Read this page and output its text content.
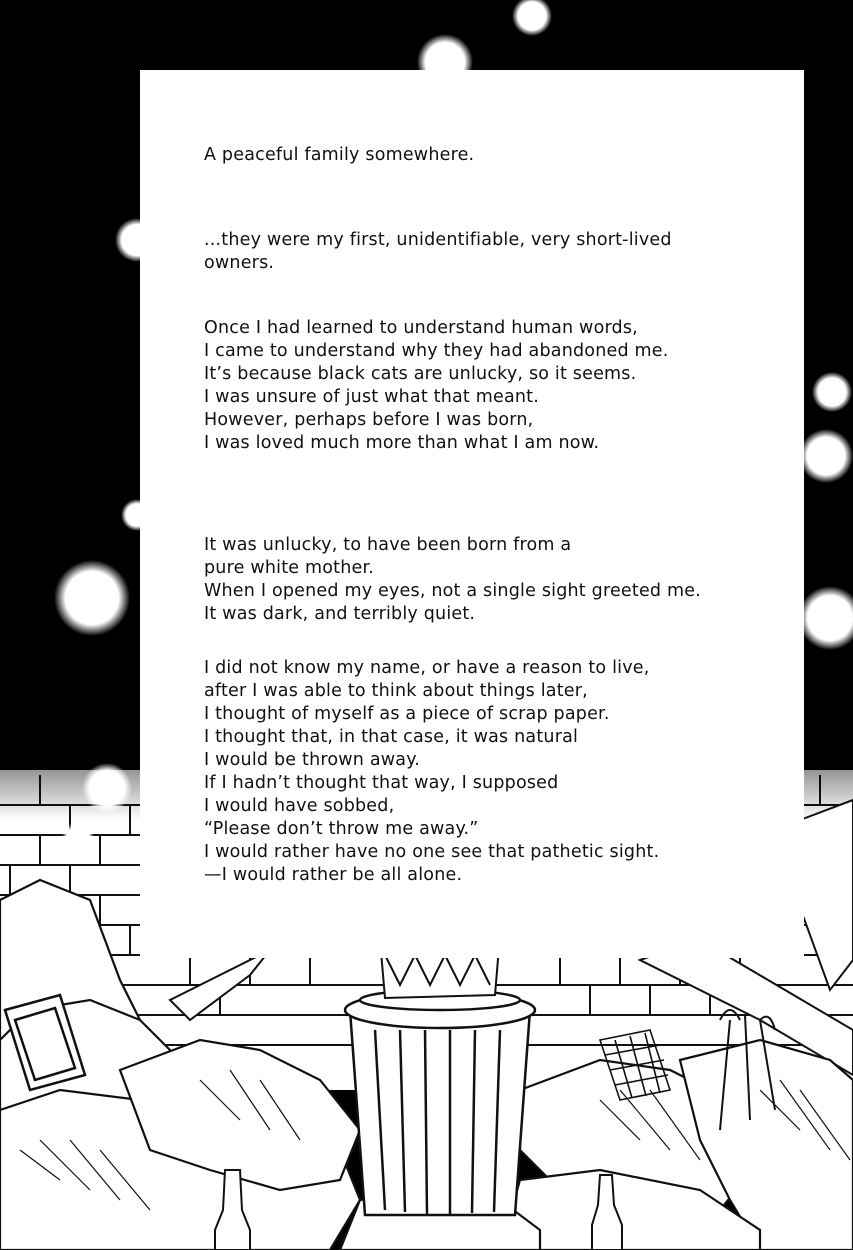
A peaceful family somewhere.

...they were my first, unidentifiable, very short-lived
owners.

Once I had learned to understand human words,
I came to understand why they had abandoned me.
It’s because black cats are unlucky, so it seems.
I was unsure of just what that meant.
However, perhaps before I was born,
I was loved much more than what I am now.

It was unlucky, to have been born from a
pure white mother.
When I opened my eyes, not a single sight greeted me.
It was dark, and terribly quiet.

I did not know my name, or have a reason to live,
after I was able to think about things later,
I thought of myself as a piece of scrap paper.
I thought that, in that case, it was natural
I would be thrown away.
If I hadn’t thought that way, I supposed
I would have sobbed,
“Please don’t throw me away.”
I would rather have no one see that pathetic sight.
—I would rather be all alone.
